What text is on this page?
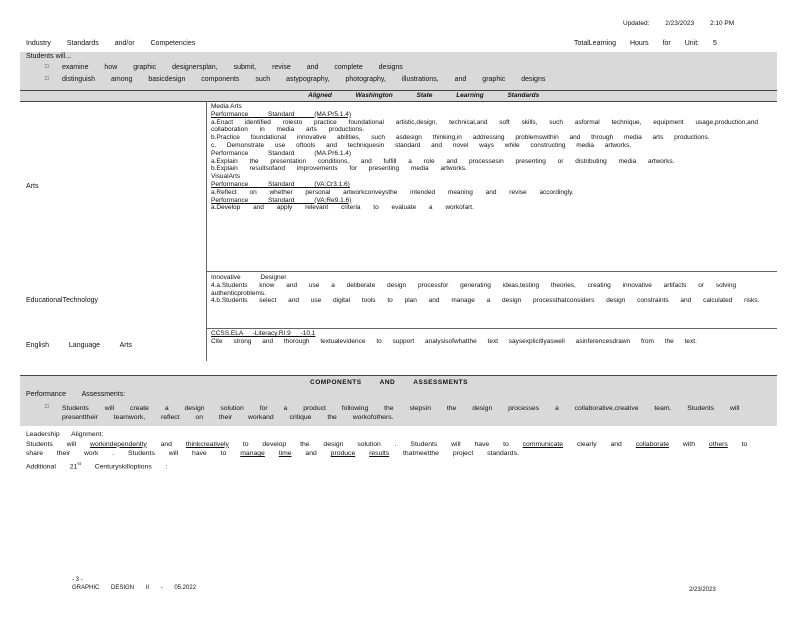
Updated: 2/23/2023 2:10 PM
Industry Standards and/or Competencies	TotalLearning Hours for Unit: 5
Students will...
□ examine how graphic designersplan, submit, revise and complete designs
□ distinguish among basicdesign components such astypography, photography, illustrations, and graphic designs
Aligned Washington State Learning Standards
Arts
Media Arts
Performance Standard (MA:Pr5.1.4)
a.Enact identified rolesto practice foundational artistic,design, technical,and soft skills, such asformal technique, equipment usage,production,and collaboration in media arts productions.
b.Practice foundational innovative abilities, such asdesign thinking,in addressing problemswithin and through media arts productions.
c. Demonstrate use oftools and techniquesin standard and novel ways while constructing media artworks.
Performance Standard (MA:Pr6.1.4)
a.Explain the presentation conditions, and fulfill a role and processesin presenting or distributing media artworks.
b.Explain resultsofand improvements for presenting media artworks.
VisualArts
Performance Standard (VA:Cr3.1.6)
a.Reflect on whether personal artworkconveysthe intended meaning and revise accordingly.
Performance Standard (VA:Re9.1.6)
a.Develop and apply relevant criteria to evaluate a workofart.
EducationalTechnology
Innovative Designer
4.a.Students know and use a deliberate design processfor generating ideas,testing theories, creating innovative artifacts or solving authenticproblems.
4.b.Students select and use digital tools to plan and manage a design processthatconsiders design constraints and calculated risks.
English Language Arts
CCSS.ELA -Literacy.RI.9 -10.1
Cite strong and thorough textualevidence to support analysisofwhatthe text saysexplicitlyaswell asinferencesdrawn from the text.
COMPONENTS AND ASSESSMENTS
Performance Assessments:
□ Students will create a design solution for a product following the stepsin the design processes a collaborative,creative team. Students will presenttheir teamwork, reflect on their workand critique the workofothers.
Leadership Alignment:
Students will workindependently and thinkcreatively to develop the design solution . Students will have to communicate clearly and collaborate with others to share their work . Students will have to manage time and produce results thatmeetthe project standards.
Additional 21st Centuryskilloptions :
- 3 -
GRAPHIC DESIGN II - 05.2022	2/23/2023
